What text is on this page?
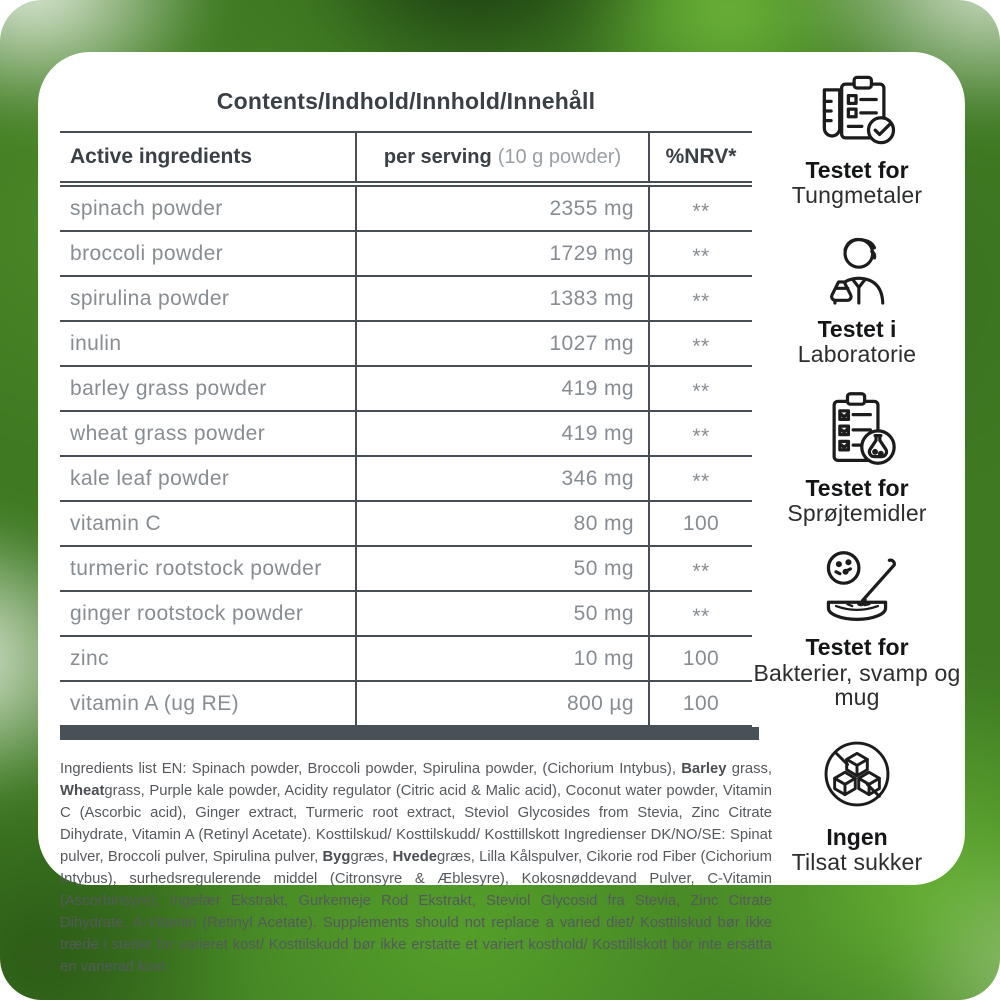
Contents/Indhold/Innhold/Innehåll
Active ingredients	per serving (10 g powder)	%NRV*
spinach powder	2355 mg	**
broccoli powder	1729 mg	**
spirulina powder	1383 mg	**
inulin	1027 mg	**
barley grass powder	419 mg	**
wheat grass powder	419 mg	**
kale leaf powder	346 mg	**
vitamin C	80 mg	100
turmeric rootstock powder	50 mg	**
ginger rootstock powder	50 mg	**
zinc	10 mg	100
vitamin A (ug RE)	800 µg	100

Ingredients list EN: Spinach powder, Broccoli powder, Spirulina powder, (Cichorium Intybus), Barley grass, Wheatgrass, Purple kale powder, Acidity regulator (Citric acid & Malic acid), Coconut water powder, Vitamin C (Ascorbic acid), Ginger extract, Turmeric root extract, Steviol Glycosides from Stevia, Zinc Citrate Dihydrate, Vitamin A (Retinyl Acetate). Kosttilskud/ Kosttilskudd/ Kosttillskott Ingredienser DK/NO/SE: Spinat pulver, Broccoli pulver, Spirulina pulver, Byggræs, Hvedegræs, Lilla Kålspulver, Cikorie rod Fiber (Cichorium Intybus), surhedsregulerende middel (Citronsyre & Æblesyre), Kokosnøddevand Pulver, C-Vitamin (Ascorbinsyre), Ingefær Ekstrakt, Gurkemeje Rod Ekstrakt, Steviol Glycosid fra Stevia, Zinc Citrate Dihydrate, A-Vitamin (Retinyl Acetate). Supplements should not replace a varied diet/ Kosttilskud bør ikke træde i stedet for varieret kost/ Kosttilskudd bør ikke erstatte et variert kosthold/ Kosttillskott bör inte ersätta en varierad kost.

Testet for
Tungmetaler
Testet i
Laboratorie
Testet for
Sprøjtemidler
Testet for
Bakterier, svamp og mug
Ingen
Tilsat sukker
